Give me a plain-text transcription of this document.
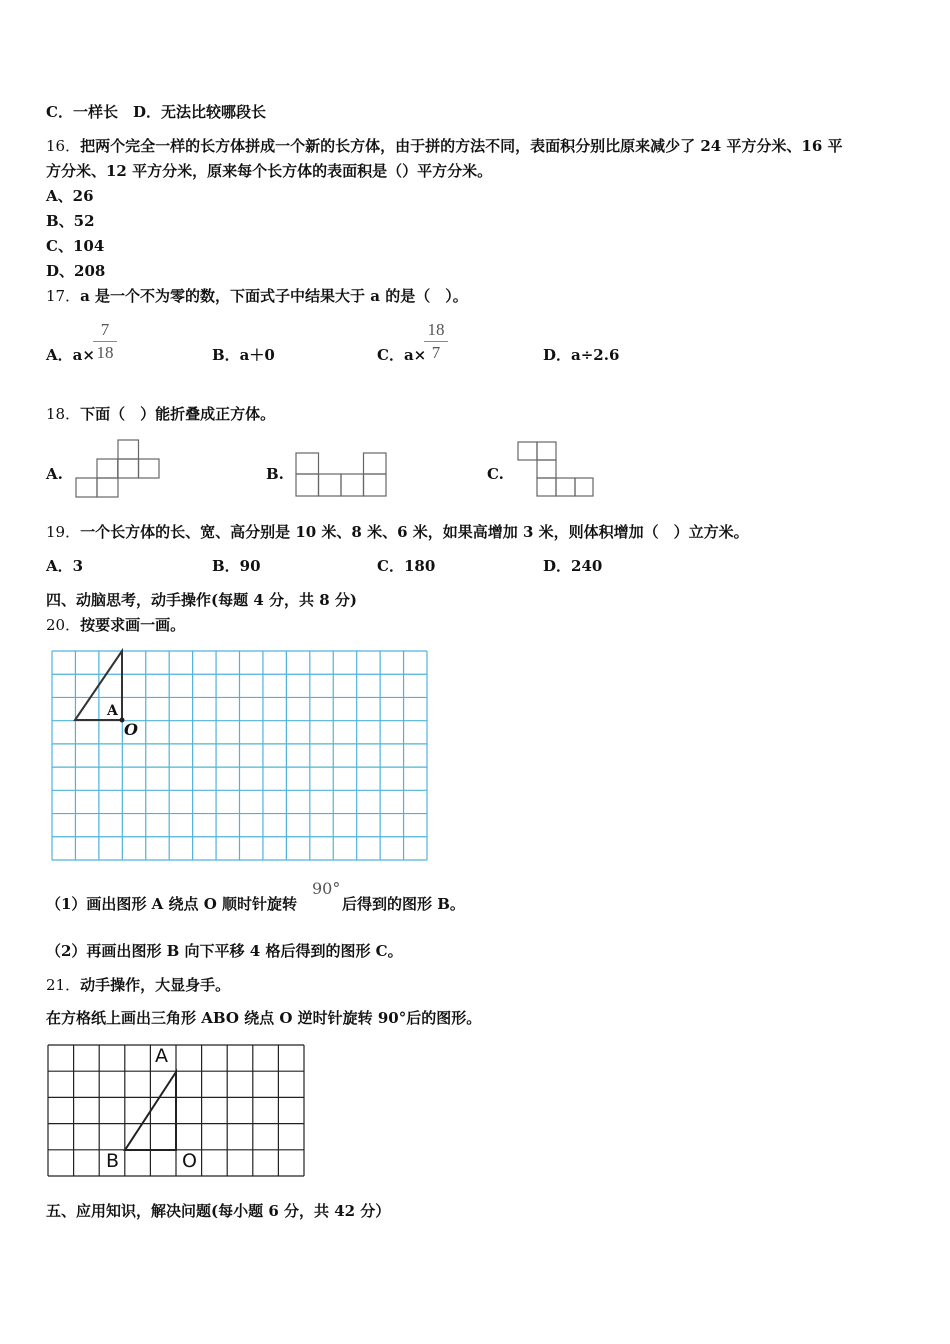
C．一样长　D．无法比较哪段长
16．把两个完全一样的长方体拼成一个新的长方体，由于拼的方法不同，表面积分别比原来减少了 24 平方分米、16 平
方分米、12 平方分米，原来每个长方体的表面积是（）平方分米。
A、26
B、52
C、104
D、208
17．a 是一个不为零的数，下面式子中结果大于 a 的是（　）。
A．a×
7
18	B．a＋0	C．a×
18
7	D．a÷2.6
18．下面（　）能折叠成正方体。
A.	B.	C.
19．一个长方体的长、宽、高分别是 10 米、8 米、6 米，如果高增加 3 米，则体积增加（　）立方米。
A．3	B．90	C．180	D．240
四、动脑思考，动手操作(每题 4 分，共 8 分)
20．按要求画一画。
A
O
（1）画出图形 A 绕点 O 顺时针旋转
90°
后得到的图形 B。
（2）再画出图形 B 向下平移 4 格后得到的图形 C。
21．动手操作，大显身手。
在方格纸上画出三角形 ABO 绕点 O 逆时针旋转 90°后的图形。
A
B	O
五、应用知识，解决问题(每小题 6 分，共 42 分）
